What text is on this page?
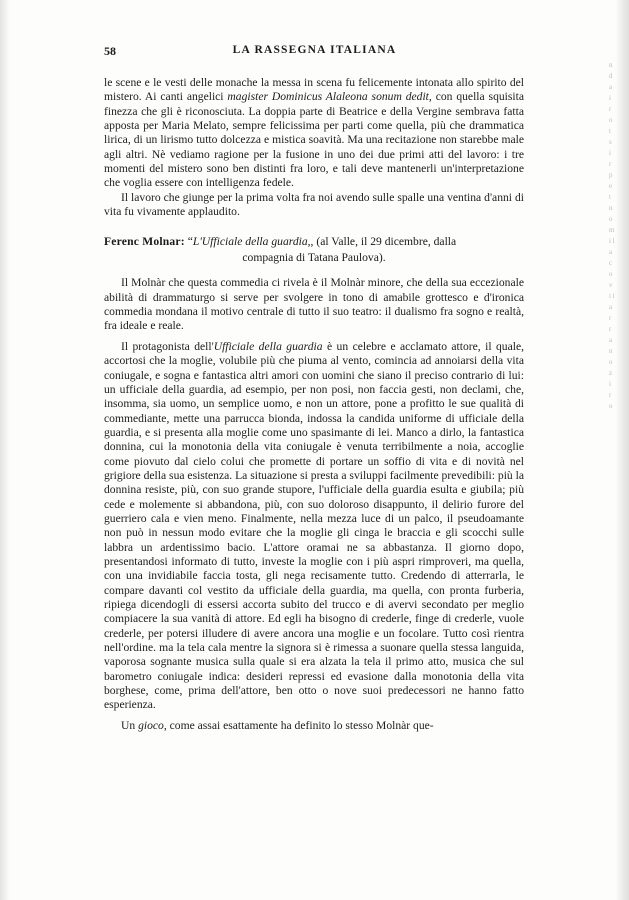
n d a i r o t s i r p e t n o m i l a c o v i t a r r a n o z i r o
58	LA RASSEGNA ITALIANA

le scene e le vesti delle monache la messa in scena fu felicemente intonata allo spirito del mistero. Ai canti angelici magister Dominicus Alaleona sonum dedit, con quella squisita finezza che gli è riconosciuta. La doppia parte di Beatrice e della Vergine sembrava fatta apposta per Maria Melato, sempre felicissima per parti come quella, più che drammatica lirica, di un lirismo tutto dolcezza e mistica soavità. Ma una recitazione non starebbe male agli altri. Nè vediamo ragione per la fusione in uno dei due primi atti del lavoro: i tre momenti del mistero sono ben distinti fra loro, e tali deve mantenerli un'interpretazione che voglia essere con intelligenza fedele.

Il lavoro che giunge per la prima volta fra noi avendo sulle spalle una ventina d'anni di vita fu vivamente applaudito.

Ferenc Molnar: “L'Ufficiale della guardia,, (al Valle, il 29 dicembre, dalla
compagnia di Tatana Paulova).

Il Molnàr che questa commedia ci rivela è il Molnàr minore, che della sua eccezionale abilità di drammaturgo si serve per svolgere in tono di amabile grottesco e d'ironica commedia mondana il motivo centrale di tutto il suo teatro: il dualismo fra sogno e realtà, fra ideale e reale.

Il protagonista dell'Ufficiale della guardia è un celebre e acclamato attore, il quale, accortosi che la moglie, volubile più che piuma al vento, comincia ad annoiarsi della vita coniugale, e sogna e fantastica altri amori con uomini che siano il preciso contrario di lui: un ufficiale della guardia, ad esempio, per non posi, non faccia gesti, non declami, che, insomma, sia uomo, un semplice uomo, e non un attore, pone a profitto le sue qualità di commediante, mette una parrucca bionda, indossa la candida uniforme di ufficiale della guardia, e si presenta alla moglie come uno spasimante di lei. Manco a dirlo, la fantastica donnina, cui la monotonia della vita coniugale è venuta terribilmente a noia, accoglie come piovuto dal cielo colui che promette di portare un soffio di vita e di novità nel grigiore della sua esistenza. La situazione si presta a sviluppi facilmente prevedibili: più la donnina resiste, più, con suo grande stupore, l'ufficiale della guardia esulta e giubila; più cede e molemente si abbandona, più, con suo doloroso disappunto, il delirio furore del guerriero cala e vien meno. Finalmente, nella mezza luce di un palco, il pseudoamante non può in nessun modo evitare che la moglie gli cinga le braccia e gli scocchi sulle labbra un ardentissimo bacio. L'attore oramai ne sa abbastanza. Il giorno dopo, presentandosi informato di tutto, investe la moglie con i più aspri rimproveri, ma quella, con una invidiabile faccia tosta, gli nega recisamente tutto. Credendo di atterrarla, le compare davanti col vestito da ufficiale della guardia, ma quella, con pronta furberia, ripiega dicendogli di essersi accorta subito del trucco e di avervi secondato per meglio compiacere la sua vanità di attore. Ed egli ha bisogno di crederle, finge di crederle, vuole crederle, per potersi illudere di avere ancora una moglie e un focolare. Tutto così rientra nell'ordine. ma la tela cala mentre la signora si è rimessa a suonare quella stessa languida, vaporosa sognante musica sulla quale si era alzata la tela il primo atto, musica che sul barometro coniugale indica: desideri repressi ed evasione dalla monotonia della vita borghese, come, prima dell'attore, ben otto o nove suoi predecessori ne hanno fatto esperienza.

Un gioco, come assai esattamente ha definito lo stesso Molnàr que-
